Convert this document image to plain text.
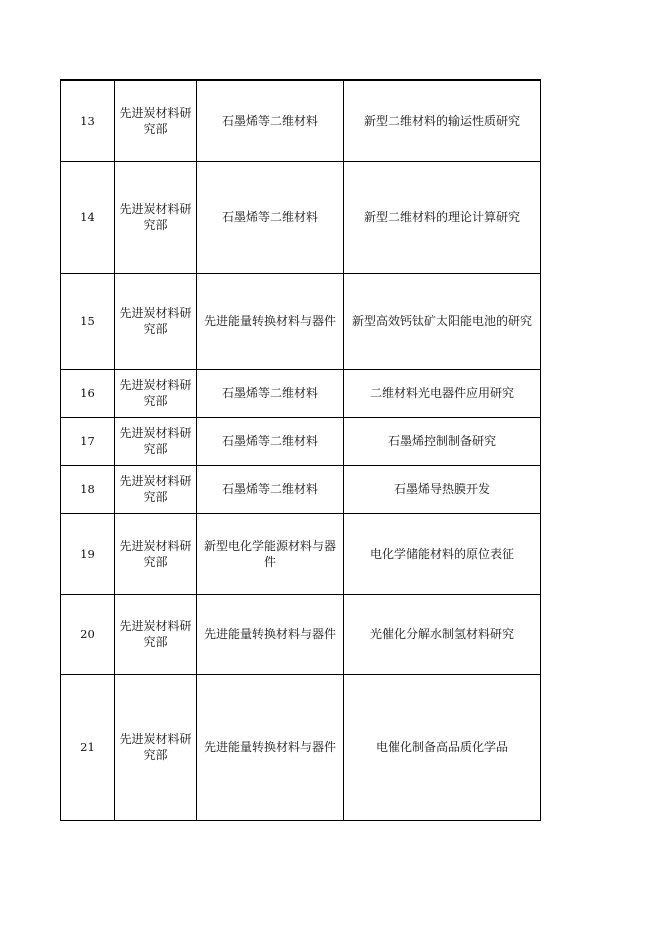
13	先进炭材料研究部	石墨烯等二维材料	新型二维材料的输运性质研究
14	先进炭材料研究部	石墨烯等二维材料	新型二维材料的理论计算研究
15	先进炭材料研究部	先进能量转换材料与器件	新型高效钙钛矿太阳能电池的研究
16	先进炭材料研究部	石墨烯等二维材料	二维材料光电器件应用研究
17	先进炭材料研究部	石墨烯等二维材料	石墨烯控制制备研究
18	先进炭材料研究部	石墨烯等二维材料	石墨烯导热膜开发
19	先进炭材料研究部	新型电化学能源材料与器件	电化学储能材料的原位表征
20	先进炭材料研究部	先进能量转换材料与器件	光催化分解水制氢材料研究
21	先进炭材料研究部	先进能量转换材料与器件	电催化制备高品质化学品
